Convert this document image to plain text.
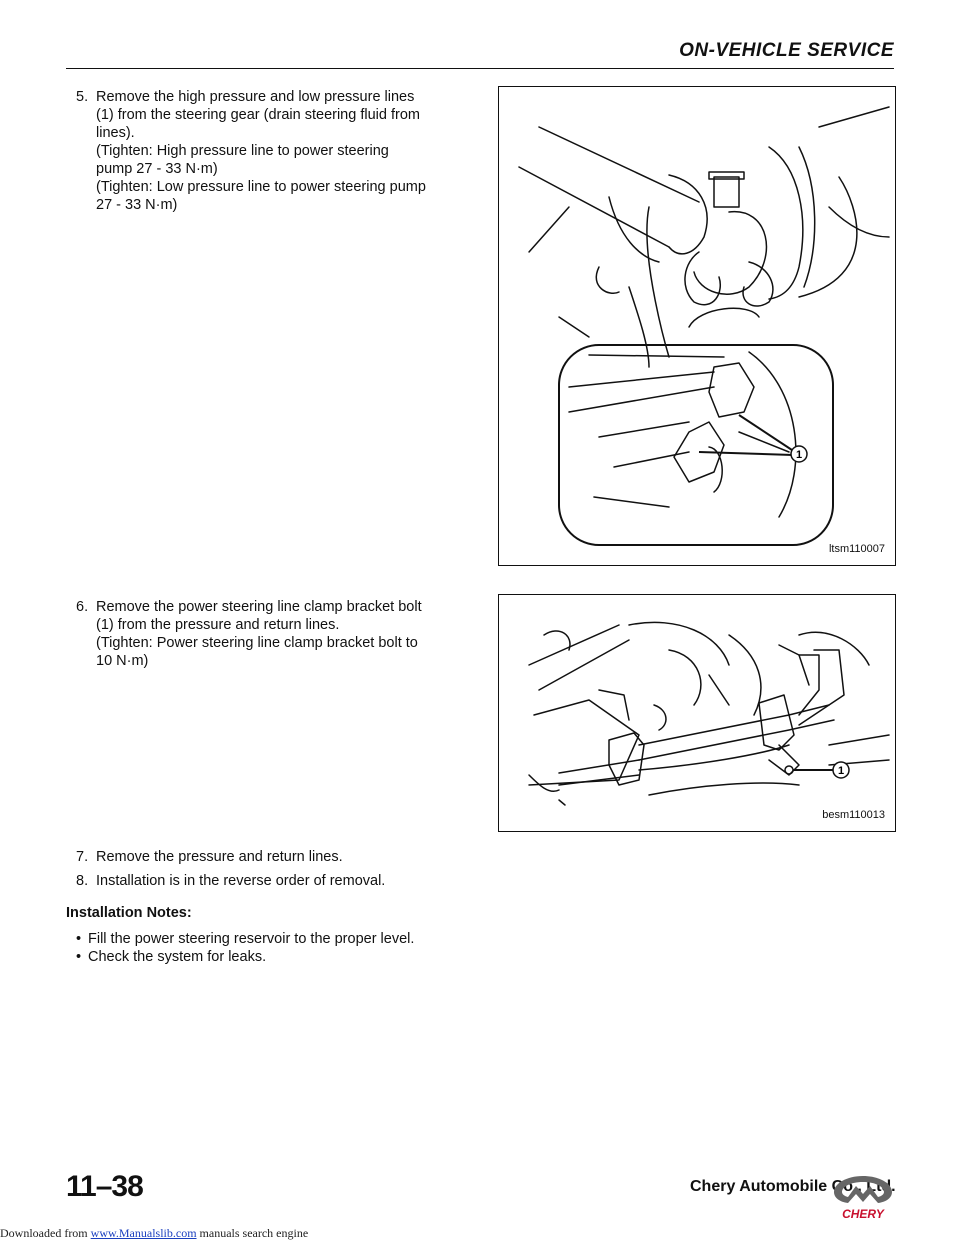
ON-VEHICLE SERVICE
5. Remove the high pressure and low pressure lines
(1) from the steering gear (drain steering fluid from
lines).
(Tighten: High pressure line to power steering
pump 27 - 33 N·m)
(Tighten: Low pressure line to power steering pump
27 - 33 N·m)
1
ltsm110007
6. Remove the power steering line clamp bracket bolt
(1) from the pressure and return lines.
(Tighten: Power steering line clamp bracket bolt to
10 N·m)
1
besm110013
7. Remove the pressure and return lines.
8. Installation is in the reverse order of removal.
Installation Notes:
• Fill the power steering reservoir to the proper level.
• Check the system for leaks.
11–38	Chery Automobile Co., Ltd.
CHERY
Downloaded from www.Manualslib.com manuals search engine
